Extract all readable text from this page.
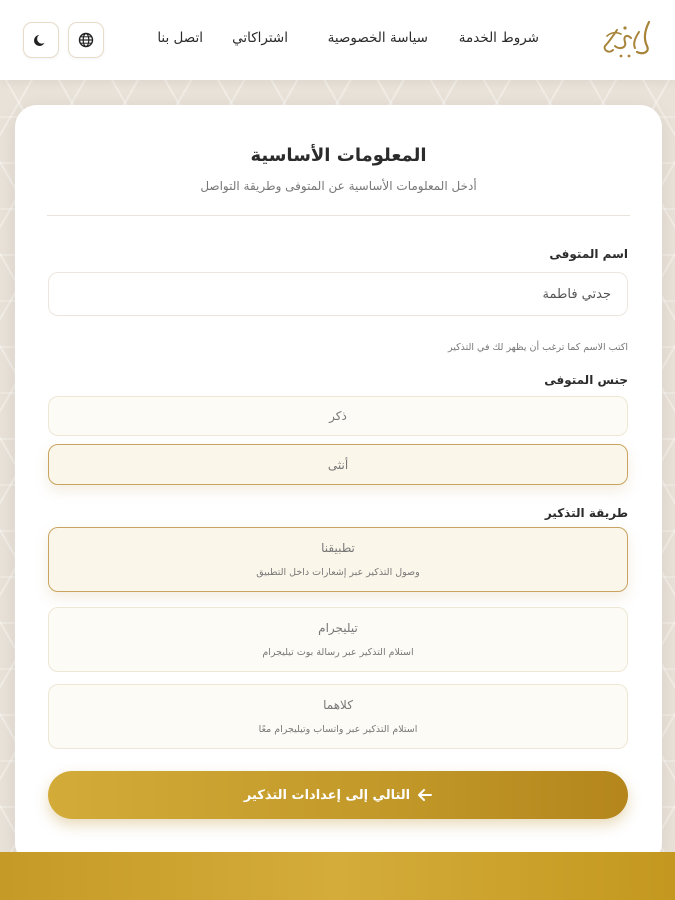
شروط الخدمة
سياسة الخصوصية
اشتراكاتي
اتصل بنا
المعلومات الأساسية
أدخل المعلومات الأساسية عن المتوفى وطريقة التواصل
اسم المتوفى
جدتي فاطمة
اكتب الاسم كما ترغب أن يظهر لك في التذكير
جنس المتوفى
ذكر
أنثى
طريقة التذكير
تطبيقنا
وصول التذكير عبر إشعارات داخل التطبيق
تيليجرام
استلام التذكير عبر رسالة بوت تيليجرام
كلاهما
استلام التذكير عبر واتساب وتيليجرام معًا
التالي إلى إعدادات التذكير
